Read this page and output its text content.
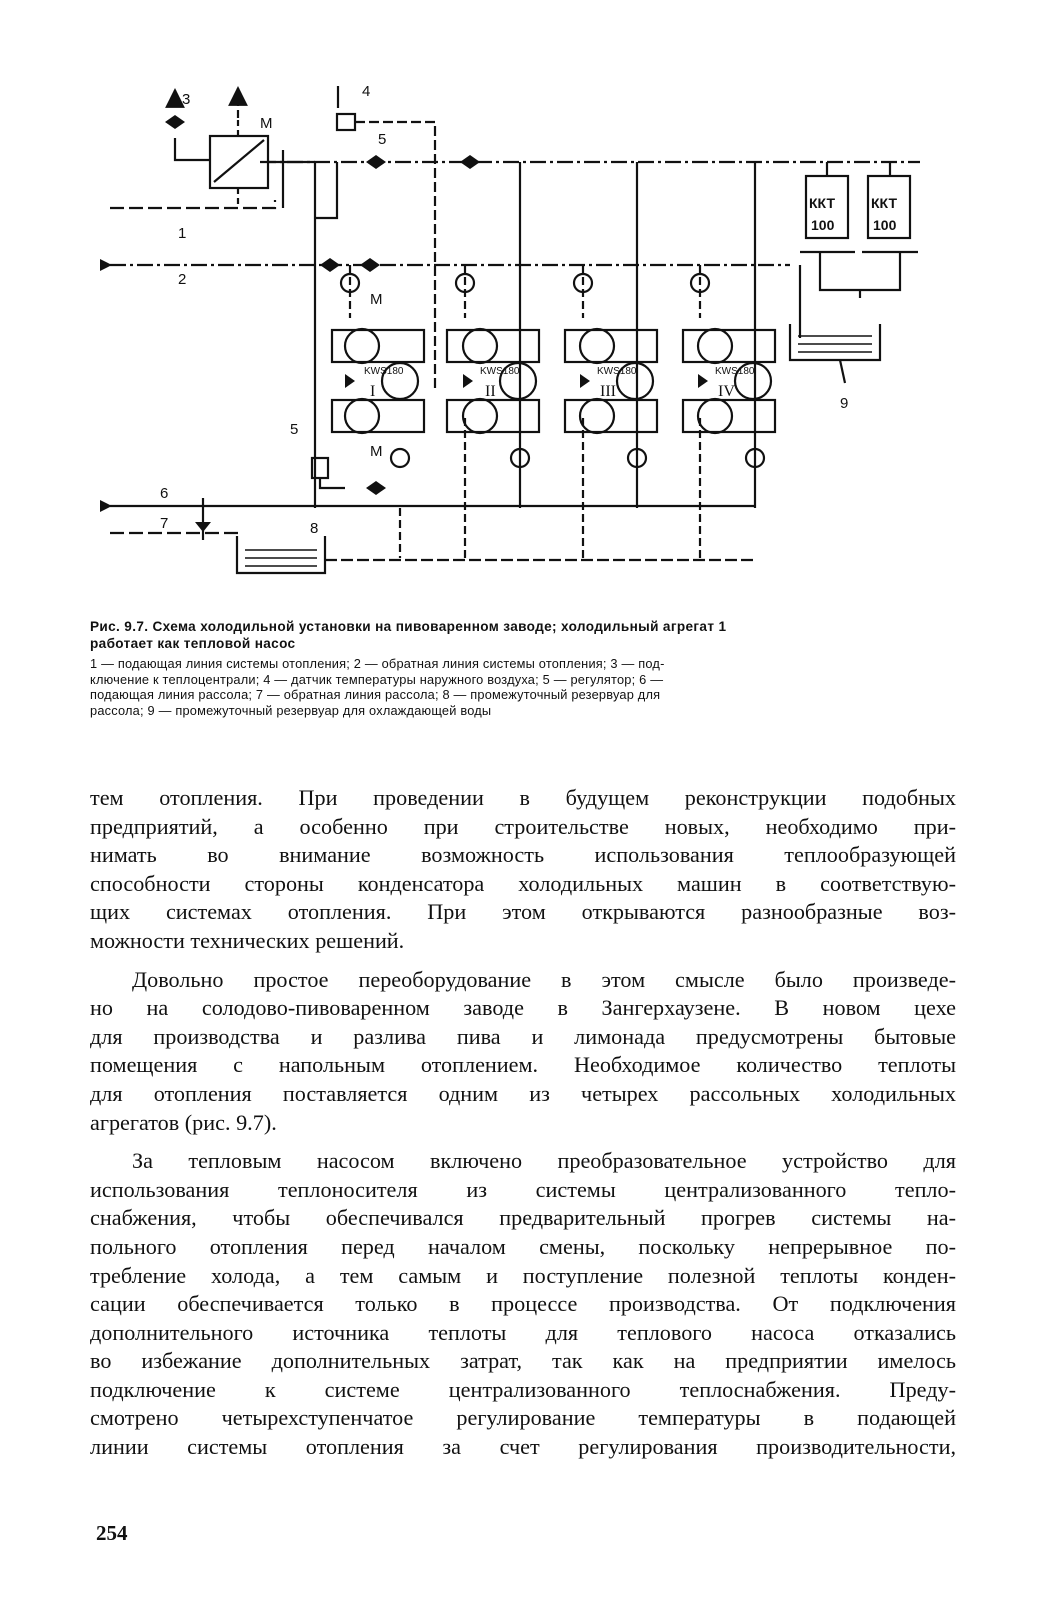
3	4
5
М
М
М
1
2
5
6
7	8
9
KWS180	KWS180	KWS180	KWS180
I	II	III	IV
ККТ
100
ККТ
100

Рис. 9.7. Схема холодильной установки на пивоваренном заводе; холодильный агрегат 1
работает как тепловой насос

1 — подающая линия системы отопления; 2 — обратная линия системы отопления; 3 — под-
ключение к теплоцентрали; 4 — датчик температуры наружного воздуха; 5 — регулятор; 6 —
подающая линия рассола; 7 — обратная линия рассола; 8 — промежуточный резервуар для
рассола; 9 — промежуточный резервуар для охлаждающей воды

тем отопления. При проведении в будущем реконструкции подобных
предприятий, а особенно при строительстве новых, необходимо при-
нимать во внимание возможность использования теплообразующей
способности стороны конденсатора холодильных машин в соответствую-
щих системах отопления. При этом открываются разнообразные воз-
можности технических решений.
Довольно простое переоборудование в этом смысле было произведе-
но на солодово-пивоваренном заводе в Зангерхаузене. В новом цехе
для производства и разлива пива и лимонада предусмотрены бытовые
помещения с напольным отоплением. Необходимое количество теплоты
для отопления поставляется одним из четырех рассольных холодильных
агрегатов (рис. 9.7).
За тепловым насосом включено преобразовательное устройство для
использования теплоносителя из системы централизованного тепло-
снабжения, чтобы обеспечивался предварительный прогрев системы на-
польного отопления перед началом смены, поскольку непрерывное по-
требление холода, а тем самым и поступление полезной теплоты конден-
сации обеспечивается только в процессе производства. От подключения
дополнительного источника теплоты для теплового насоса отказались
во избежание дополнительных затрат, так как на предприятии имелось
подключение к системе централизованного теплоснабжения. Преду-
смотрено четырехступенчатое регулирование температуры в подающей
линии системы отопления за счет регулирования производительности,
254
